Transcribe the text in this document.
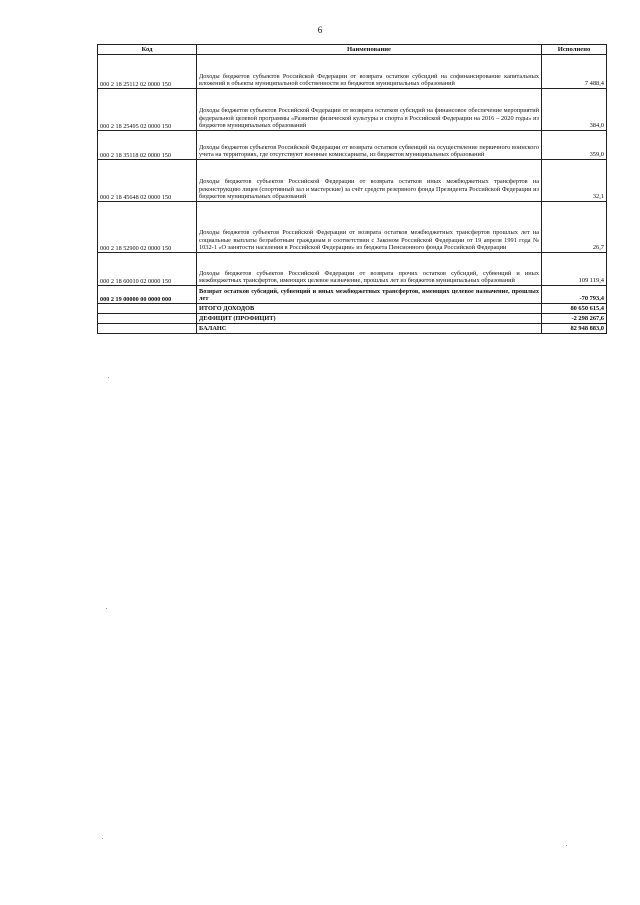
6
Код	Наименование	Исполнено
000 2 18 25112 02 0000 150	Доходы бюджетов субъектов Российской Федерации от возврата остатков субсидий на софинансирование капитальных вложений в объекты муниципальной собственности из бюджетов муниципальных образований	7 488,4
000 2 18 25495 02 0000 150	Доходы бюджетов субъектов Российской Федерации от возврата остатков субсидий на финансовое обеспечение мероприятий федеральной целевой программы «Развитие физической культуры и спорта в Российской Федерации на 2016 – 2020 годы» из бюджетов муниципальных образований	384,0
000 2 18 35118 02 0000 150	Доходы бюджетов субъектов Российской Федерации от возврата остатков субвенций на осуществление первичного воинского учета на территориях, где отсутствуют военные комиссариаты, из бюджетов муниципальных образований	359,0
000 2 18 45648 02 0000 150	Доходы бюджетов субъектов Российской Федерации от возврата остатков иных межбюджетных трансфертов на реконструкцию лицея (спортивный зал и мастерские) за счёт средств резервного фонда Президента Российской Федерации из бюджетов муниципальных образований	32,1
000 2 18 52900 02 0000 150	Доходы бюджетов субъектов Российской Федерации от возврата остатков межбюджетных трансфертов прошлых лет на социальные выплаты безработным гражданам в соответствии с Законом Российской Федерации от 19 апреля 1991 года № 1032-1 «О занятости населения в Российской Федерации» из бюджета Пенсионного фонда Российской Федерации	26,7
000 2 18 60010 02 0000 150	Доходы бюджетов субъектов Российской Федерации от возврата прочих остатков субсидий, субвенций и иных межбюджетных трансфертов, имеющих целевое назначение, прошлых лет из бюджетов муниципальных образований	109 119,4
000 2 19 00000 00 0000 000	Возврат остатков субсидий, субвенций и иных межбюджетных трансфертов, имеющих целевое назначение, прошлых лет	-70 793,4
	ИТОГО ДОХОДОВ	80 650 615,4
	ДЕФИЦИТ (ПРОФИЦИТ)	-2 298 267,6
	БАЛАНС	82 948 883,0
